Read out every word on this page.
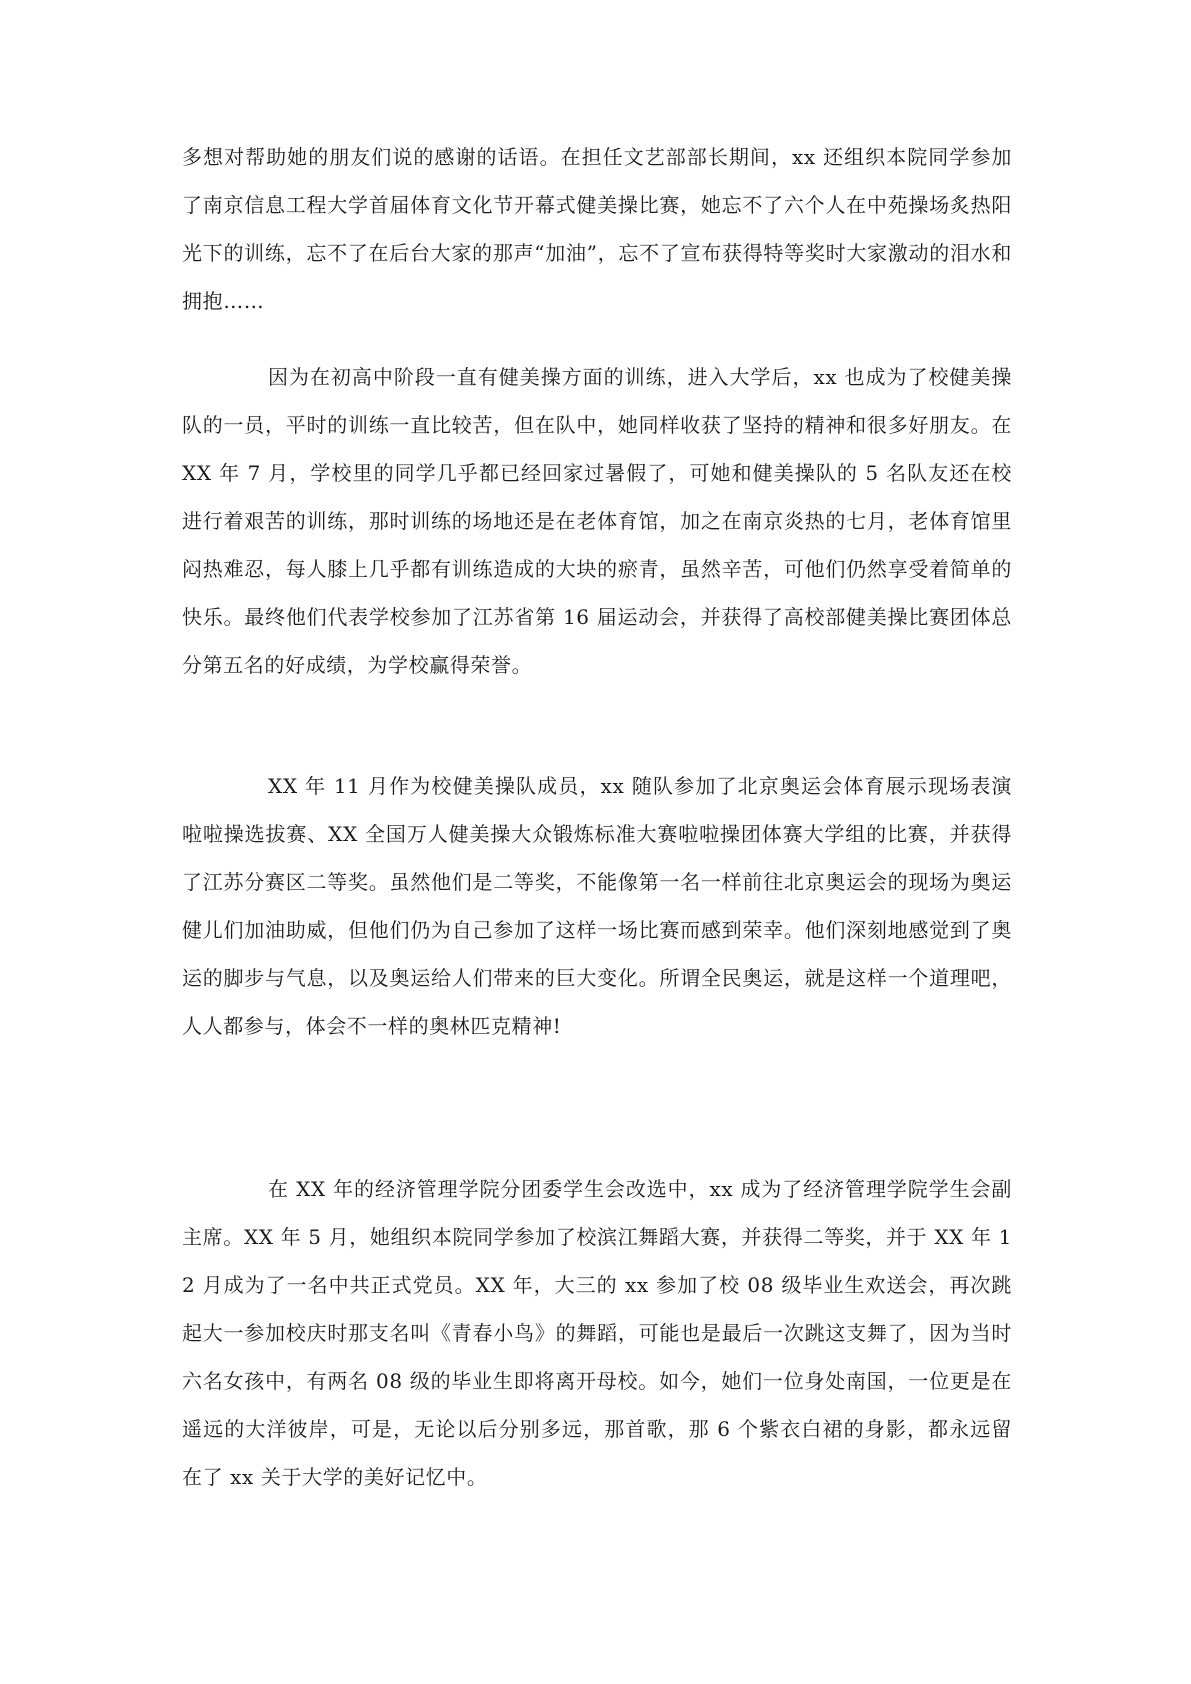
多想对帮助她的朋友们说的感谢的话语。在担任文艺部部长期间，xx 还组织本院同学参加了南京信息工程大学首届体育文化节开幕式健美操比赛，她忘不了六个人在中苑操场炙热阳光下的训练，忘不了在后台大家的那声“加油”，忘不了宣布获得特等奖时大家激动的泪水和拥抱……

因为在初高中阶段一直有健美操方面的训练，进入大学后，xx 也成为了校健美操队的一员，平时的训练一直比较苦，但在队中，她同样收获了坚持的精神和很多好朋友。在 XX 年 7 月，学校里的同学几乎都已经回家过暑假了，可她和健美操队的 5 名队友还在校进行着艰苦的训练，那时训练的场地还是在老体育馆，加之在南京炎热的七月，老体育馆里闷热难忍，每人膝上几乎都有训练造成的大块的瘀青，虽然辛苦，可他们仍然享受着简单的快乐。最终他们代表学校参加了江苏省第 16 届运动会，并获得了高校部健美操比赛团体总分第五名的好成绩，为学校赢得荣誉。

XX 年 11 月作为校健美操队成员，xx 随队参加了北京奥运会体育展示现场表演啦啦操选拔赛、XX 全国万人健美操大众锻炼标准大赛啦啦操团体赛大学组的比赛，并获得了江苏分赛区二等奖。虽然他们是二等奖，不能像第一名一样前往北京奥运会的现场为奥运健儿们加油助威，但他们仍为自己参加了这样一场比赛而感到荣幸。他们深刻地感觉到了奥运的脚步与气息，以及奥运给人们带来的巨大变化。所谓全民奥运，就是这样一个道理吧，人人都参与，体会不一样的奥林匹克精神!

在 XX 年的经济管理学院分团委学生会改选中，xx 成为了经济管理学院学生会副主席。XX 年 5 月，她组织本院同学参加了校滨江舞蹈大赛，并获得二等奖，并于 XX 年 12 月成为了一名中共正式党员。XX 年，大三的 xx 参加了校 08 级毕业生欢送会，再次跳起大一参加校庆时那支名叫《青春小鸟》的舞蹈，可能也是最后一次跳这支舞了，因为当时六名女孩中，有两名 08 级的毕业生即将离开母校。如今，她们一位身处南国，一位更是在遥远的大洋彼岸，可是，无论以后分别多远，那首歌，那 6 个紫衣白裙的身影，都永远留在了 xx 关于大学的美好记忆中。
